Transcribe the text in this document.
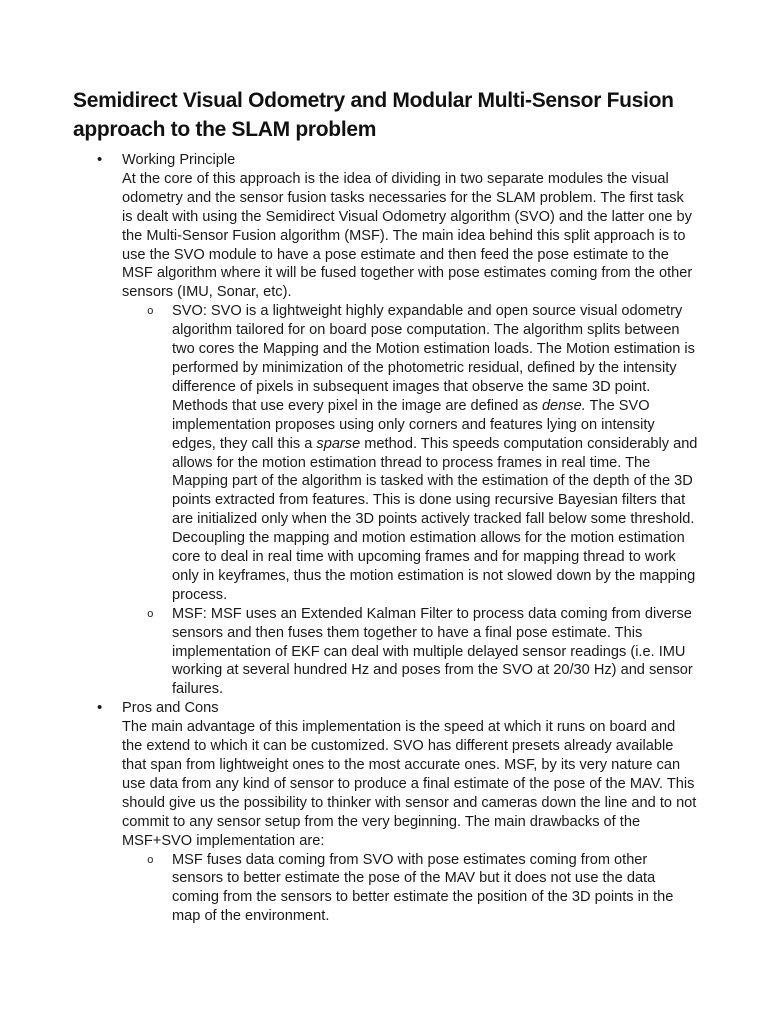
Semidirect Visual Odometry and Modular Multi-Sensor Fusion approach to the SLAM problem
• Working Principle
At the core of this approach is the idea of dividing in two separate modules the visual odometry and the sensor fusion tasks necessaries for the SLAM problem. The first task is dealt with using the Semidirect Visual Odometry algorithm (SVO) and the latter one by the Multi-Sensor Fusion algorithm (MSF). The main idea behind this split approach is to use the SVO module to have a pose estimate and then feed the pose estimate to the MSF algorithm where it will be fused together with pose estimates coming from the other sensors (IMU, Sonar, etc).
o SVO: SVO is a lightweight highly expandable and open source visual odometry algorithm tailored for on board pose computation. The algorithm splits between two cores the Mapping and the Motion estimation loads. The Motion estimation is performed by minimization of the photometric residual, defined by the intensity difference of pixels in subsequent images that observe the same 3D point. Methods that use every pixel in the image are defined as dense. The SVO implementation proposes using only corners and features lying on intensity edges, they call this a sparse method. This speeds computation considerably and allows for the motion estimation thread to process frames in real time. The Mapping part of the algorithm is tasked with the estimation of the depth of the 3D points extracted from features. This is done using recursive Bayesian filters that are initialized only when the 3D points actively tracked fall below some threshold. Decoupling the mapping and motion estimation allows for the motion estimation core to deal in real time with upcoming frames and for mapping thread to work only in keyframes, thus the motion estimation is not slowed down by the mapping process.
o MSF: MSF uses an Extended Kalman Filter to process data coming from diverse sensors and then fuses them together to have a final pose estimate. This implementation of EKF can deal with multiple delayed sensor readings (i.e. IMU working at several hundred Hz and poses from the SVO at 20/30 Hz) and sensor failures.
• Pros and Cons
The main advantage of this implementation is the speed at which it runs on board and the extend to which it can be customized. SVO has different presets already available that span from lightweight ones to the most accurate ones. MSF, by its very nature can use data from any kind of sensor to produce a final estimate of the pose of the MAV. This should give us the possibility to thinker with sensor and cameras down the line and to not commit to any sensor setup from the very beginning. The main drawbacks of the MSF+SVO implementation are:
o MSF fuses data coming from SVO with pose estimates coming from other sensors to better estimate the pose of the MAV but it does not use the data coming from the sensors to better estimate the position of the 3D points in the map of the environment.
